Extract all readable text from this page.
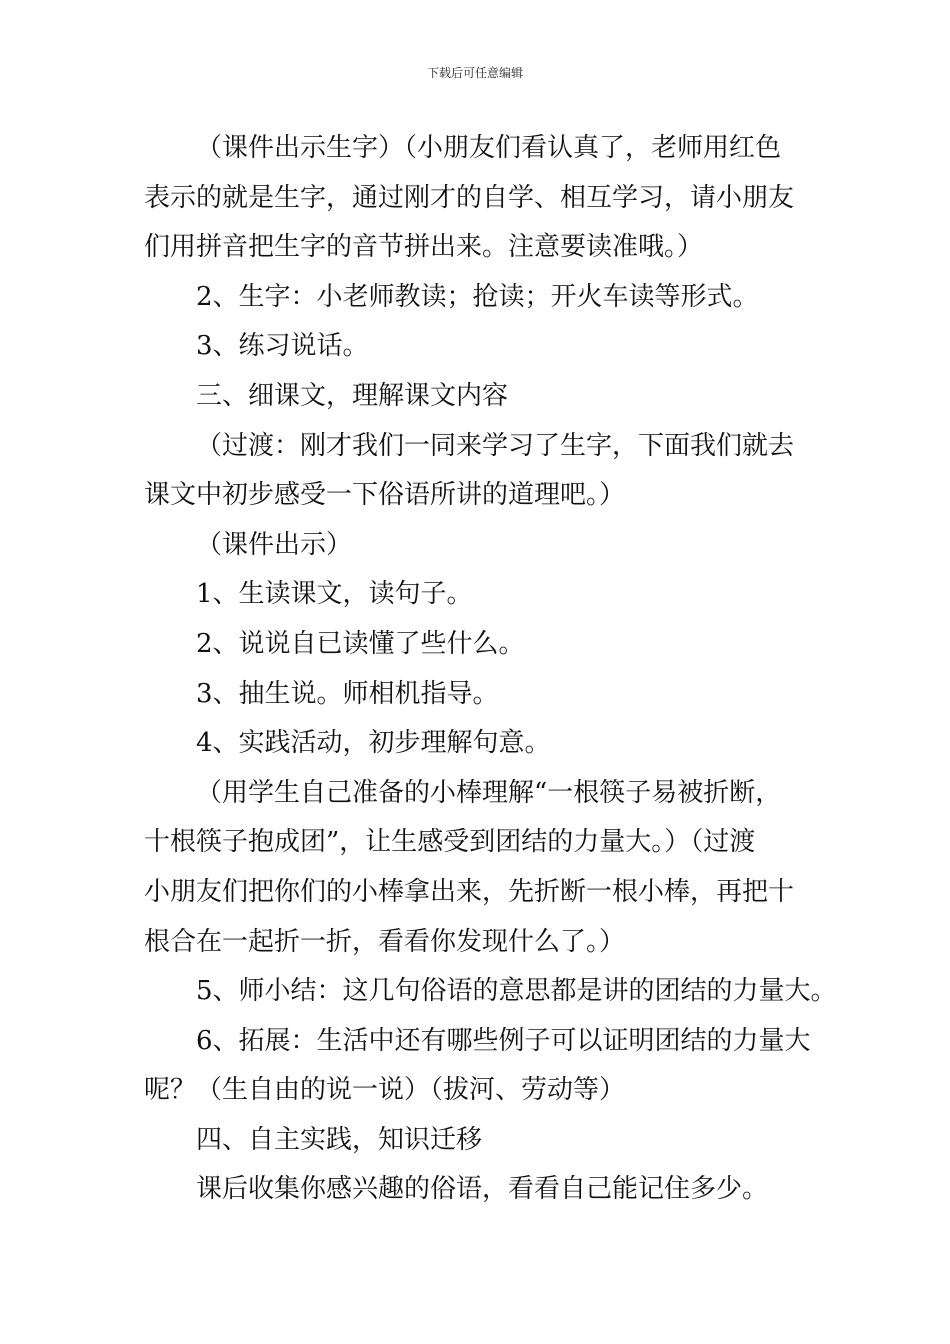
下载后可任意编辑

（课件出示生字）（小朋友们看认真了，老师用红色

表示的就是生字，通过刚才的自学、相互学习，请小朋友

们用拼音把生字的音节拼出来。注意要读准哦。）

2、生字：小老师教读；抢读；开火车读等形式。

3、练习说话。

三、细课文，理解课文内容

（过渡：刚才我们一同来学习了生字，下面我们就去

课文中初步感受一下俗语所讲的道理吧。）

（课件出示）

1、生读课文，读句子。

2、说说自已读懂了些什么。

3、抽生说。师相机指导。

4、实践活动，初步理解句意。

（用学生自己准备的小棒理解“一根筷子易被折断，

十根筷子抱成团”，让生感受到团结的力量大。）（过渡

小朋友们把你们的小棒拿出来，先折断一根小棒，再把十

根合在一起折一折，看看你发现什么了。）

5、师小结：这几句俗语的意思都是讲的团结的力量大。

6、拓展：生活中还有哪些例子可以证明团结的力量大

呢？（生自由的说一说）（拔河、劳动等）

四、自主实践，知识迁移

课后收集你感兴趣的俗语，看看自己能记住多少。
